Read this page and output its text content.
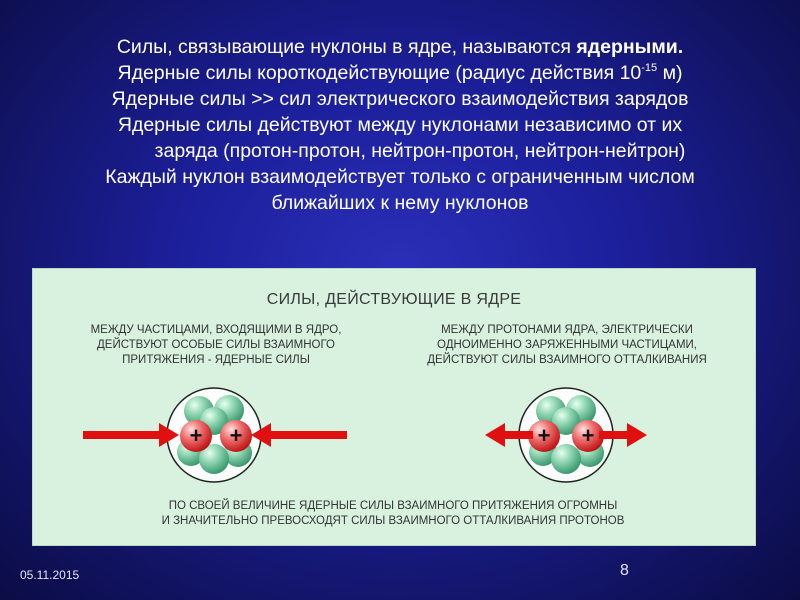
Силы, связывающие нуклоны в ядре, называются ядерными.
Ядерные силы короткодействующие (радиус действия $10^{-15}$ м)
Ядерные силы >> сил электрического взаимодействия зарядов
Ядерные силы действуют между нуклонами независимо от их
заряда (протон-протон, нейтрон-протон, нейтрон-нейтрон)
Каждый нуклон взаимодействует только с ограниченным числом
ближайших к нему нуклонов
+ +	+ +
СИЛЫ, ДЕЙСТВУЮЩИЕ В ЯДРЕ
МЕЖДУ ЧАСТИЦАМИ, ВХОДЯЩИМИ В ЯДРО,
ДЕЙСТВУЮТ ОСОБЫЕ СИЛЫ ВЗАИМНОГО
ПРИТЯЖЕНИЯ - ЯДЕРНЫЕ СИЛЫ
МЕЖДУ ПРОТОНАМИ ЯДРА, ЭЛЕКТРИЧЕСКИ
ОДНОИМЕННО ЗАРЯЖЕННЫМИ ЧАСТИЦАМИ,
ДЕЙСТВУЮТ СИЛЫ ВЗАИМНОГО ОТТАЛКИВАНИЯ
ПО СВОЕЙ ВЕЛИЧИНЕ ЯДЕРНЫЕ СИЛЫ ВЗАИМНОГО ПРИТЯЖЕНИЯ ОГРОМНЫ
И ЗНАЧИТЕЛЬНО ПРЕВОСХОДЯТ СИЛЫ ВЗАИМНОГО ОТТАЛКИВАНИЯ ПРОТОНОВ
05.11.2015	8
